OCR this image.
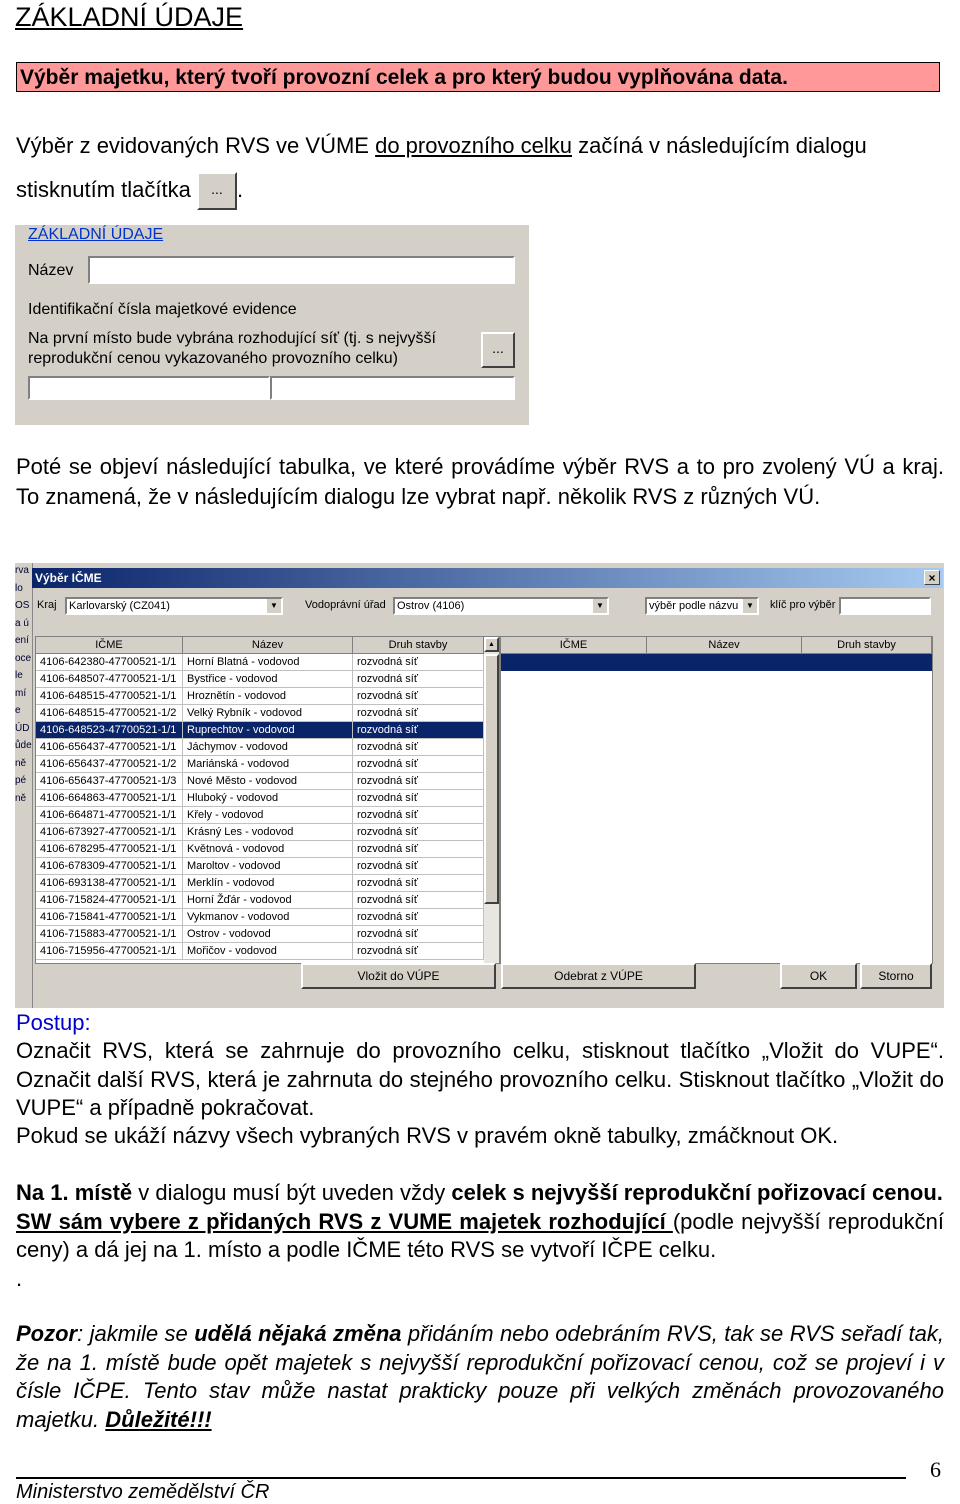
ZÁKLADNÍ ÚDAJE
Výběr majetku, který tvoří provozní celek a pro který budou vyplňována data.
Výběr z evidovaných RVS ve VÚME do provozního celku začíná v následujícím dialogu stisknutím tlačítka ... .
ZÁKLADNÍ ÚDAJE
Název
Identifikační čísla majetkové evidence
Na první místo bude vybrána rozhodující síť (tj. s nejvyšší reprodukční cenou vykazovaného provozního celku)
...
Poté se objeví následující tabulka, ve které provádíme výběr RVS a to pro zvolený VÚ a kraj. To znamená, že v následujícím dialogu lze vybrat např. několik RVS z různých VÚ.
rva
lo
OS
a ú
ení
oce
le
mí
e
ÚD
ůde
ně
pé
ně
Výběr IČME	×
Kraj	Karlovarský (CZ041)	▼ Vodoprávní úřad	Ostrov (4106)	▼	výběr podle názvu ▼ klíč pro výběr
IČME	Název	Druh stavby
4106-642380-47700521-1/1 Horní Blatná - vodovod	rozvodná síť
4106-648507-47700521-1/1 Bystřice - vodovod	rozvodná síť
4106-648515-47700521-1/1 Hroznětín - vodovod	rozvodná síť
4106-648515-47700521-1/2 Velký Rybník - vodovod	rozvodná síť
4106-648523-47700521-1/1 Ruprechtov - vodovod	rozvodná síť
4106-656437-47700521-1/1 Jáchymov - vodovod	rozvodná síť
4106-656437-47700521-1/2 Mariánská - vodovod	rozvodná síť
4106-656437-47700521-1/3 Nové Město - vodovod	rozvodná síť
4106-664863-47700521-1/1 Hluboký - vodovod	rozvodná síť
4106-664871-47700521-1/1 Křely - vodovod	rozvodná síť
4106-673927-47700521-1/1 Krásný Les - vodovod	rozvodná síť
4106-678295-47700521-1/1 Květnová - vodovod	rozvodná síť
4106-678309-47700521-1/1 Maroltov - vodovod	rozvodná síť
4106-693138-47700521-1/1 Merklín - vodovod	rozvodná síť
4106-715824-47700521-1/1 Horní Žďár - vodovod	rozvodná síť
4106-715841-47700521-1/1 Vykmanov - vodovod	rozvodná síť
4106-715883-47700521-1/1 Ostrov - vodovod	rozvodná síť
4106-715956-47700521-1/1 Mořičov - vodovod	rozvodná síť
▲	IČME	Název	Druh stavby
Vložit do VÚPE	Odebrat z VÚPE	OK	Storno
Postup:
Označit RVS, která se zahrnuje do provozního celku, stisknout tlačítko „Vložit do VUPE“. Označit další RVS, která je zahrnuta do stejného provozního celku. Stisknout tlačítko „Vložit do VUPE“ a případně pokračovat.
Pokud se ukáží názvy všech vybraných RVS v pravém okně tabulky, zmáčknout OK.
Na 1. místě v dialogu musí být uveden vždy celek s nejvyšší reprodukční pořizovací cenou.
SW sám vybere z přidaných RVS z VUME majetek rozhodující (podle nejvyšší reprodukční ceny) a dá jej na 1. místo a podle IČME této RVS se vytvoří IČPE celku.
.
Pozor: jakmile se udělá nějaká změna přidáním nebo odebráním RVS, tak se RVS seřadí tak, že na 1. místě bude opět majetek s nejvyšší reprodukční pořizovací cenou, což se projeví i v čísle IČPE. Tento stav může nastat prakticky pouze při velkých změnách provozovaného majetku. Důležité!!!
Ministerstvo zemědělství ČR
6
